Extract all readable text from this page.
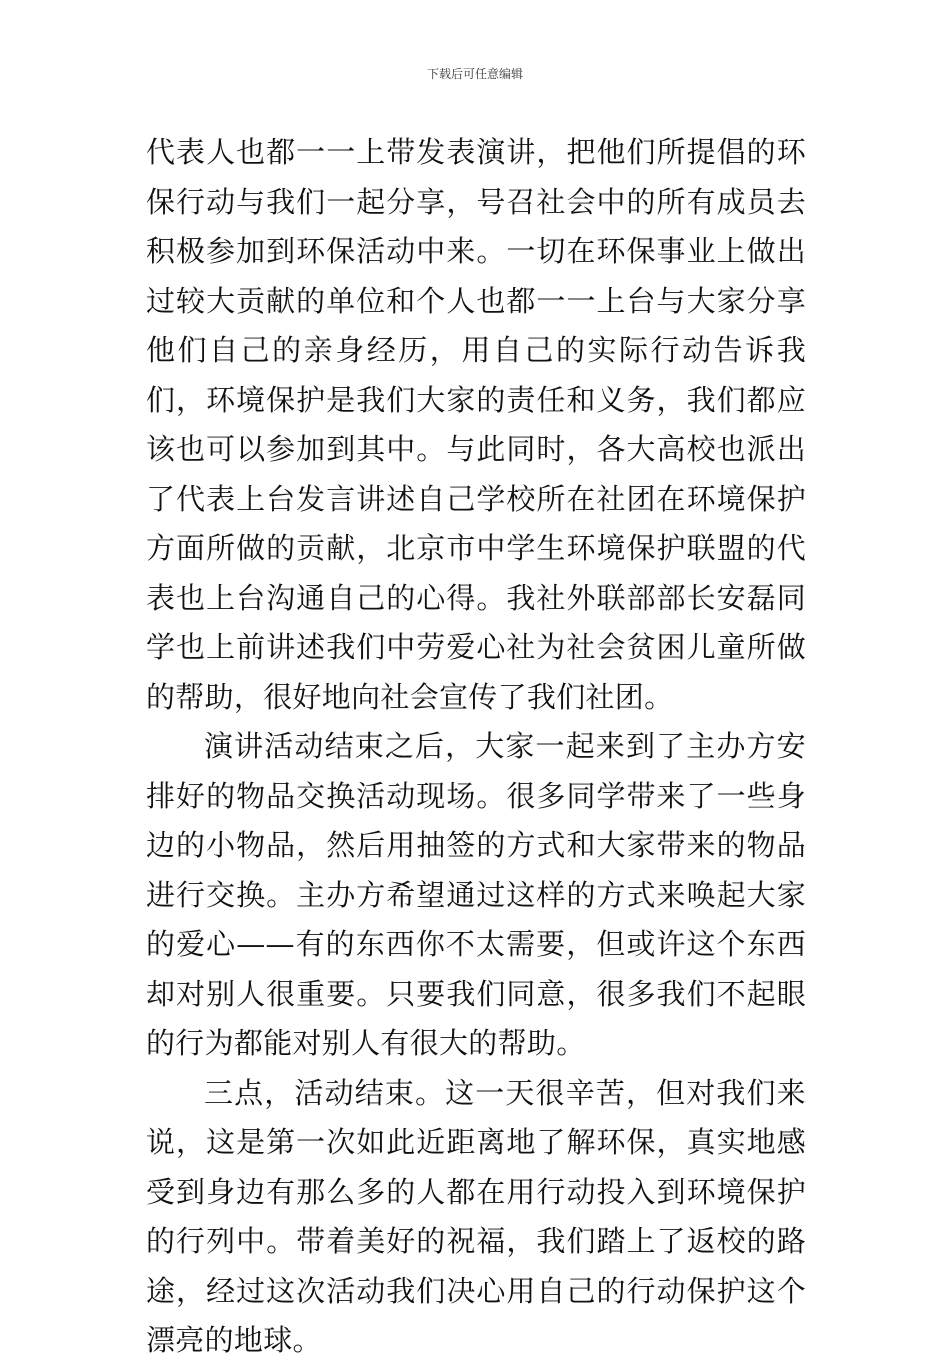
下载后可任意编辑

代表人也都一一上带发表演讲，把他们所提倡的环保行动与我们一起分享，号召社会中的所有成员去积极参加到环保活动中来。一切在环保事业上做出过较大贡献的单位和个人也都一一上台与大家分享他们自己的亲身经历，用自己的实际行动告诉我们，环境保护是我们大家的责任和义务，我们都应该也可以参加到其中。与此同时，各大高校也派出了代表上台发言讲述自己学校所在社团在环境保护方面所做的贡献，北京市中学生环境保护联盟的代表也上台沟通自己的心得。我社外联部部长安磊同学也上前讲述我们中劳爱心社为社会贫困儿童所做的帮助，很好地向社会宣传了我们社团。

演讲活动结束之后，大家一起来到了主办方安排好的物品交换活动现场。很多同学带来了一些身边的小物品，然后用抽签的方式和大家带来的物品进行交换。主办方希望通过这样的方式来唤起大家的爱心——有的东西你不太需要，但或许这个东西却对别人很重要。只要我们同意，很多我们不起眼的行为都能对别人有很大的帮助。

三点，活动结束。这一天很辛苦，但对我们来说，这是第一次如此近距离地了解环保，真实地感受到身边有那么多的人都在用行动投入到环境保护的行列中。带着美好的祝福，我们踏上了返校的路途，经过这次活动我们决心用自己的行动保护这个漂亮的地球。
